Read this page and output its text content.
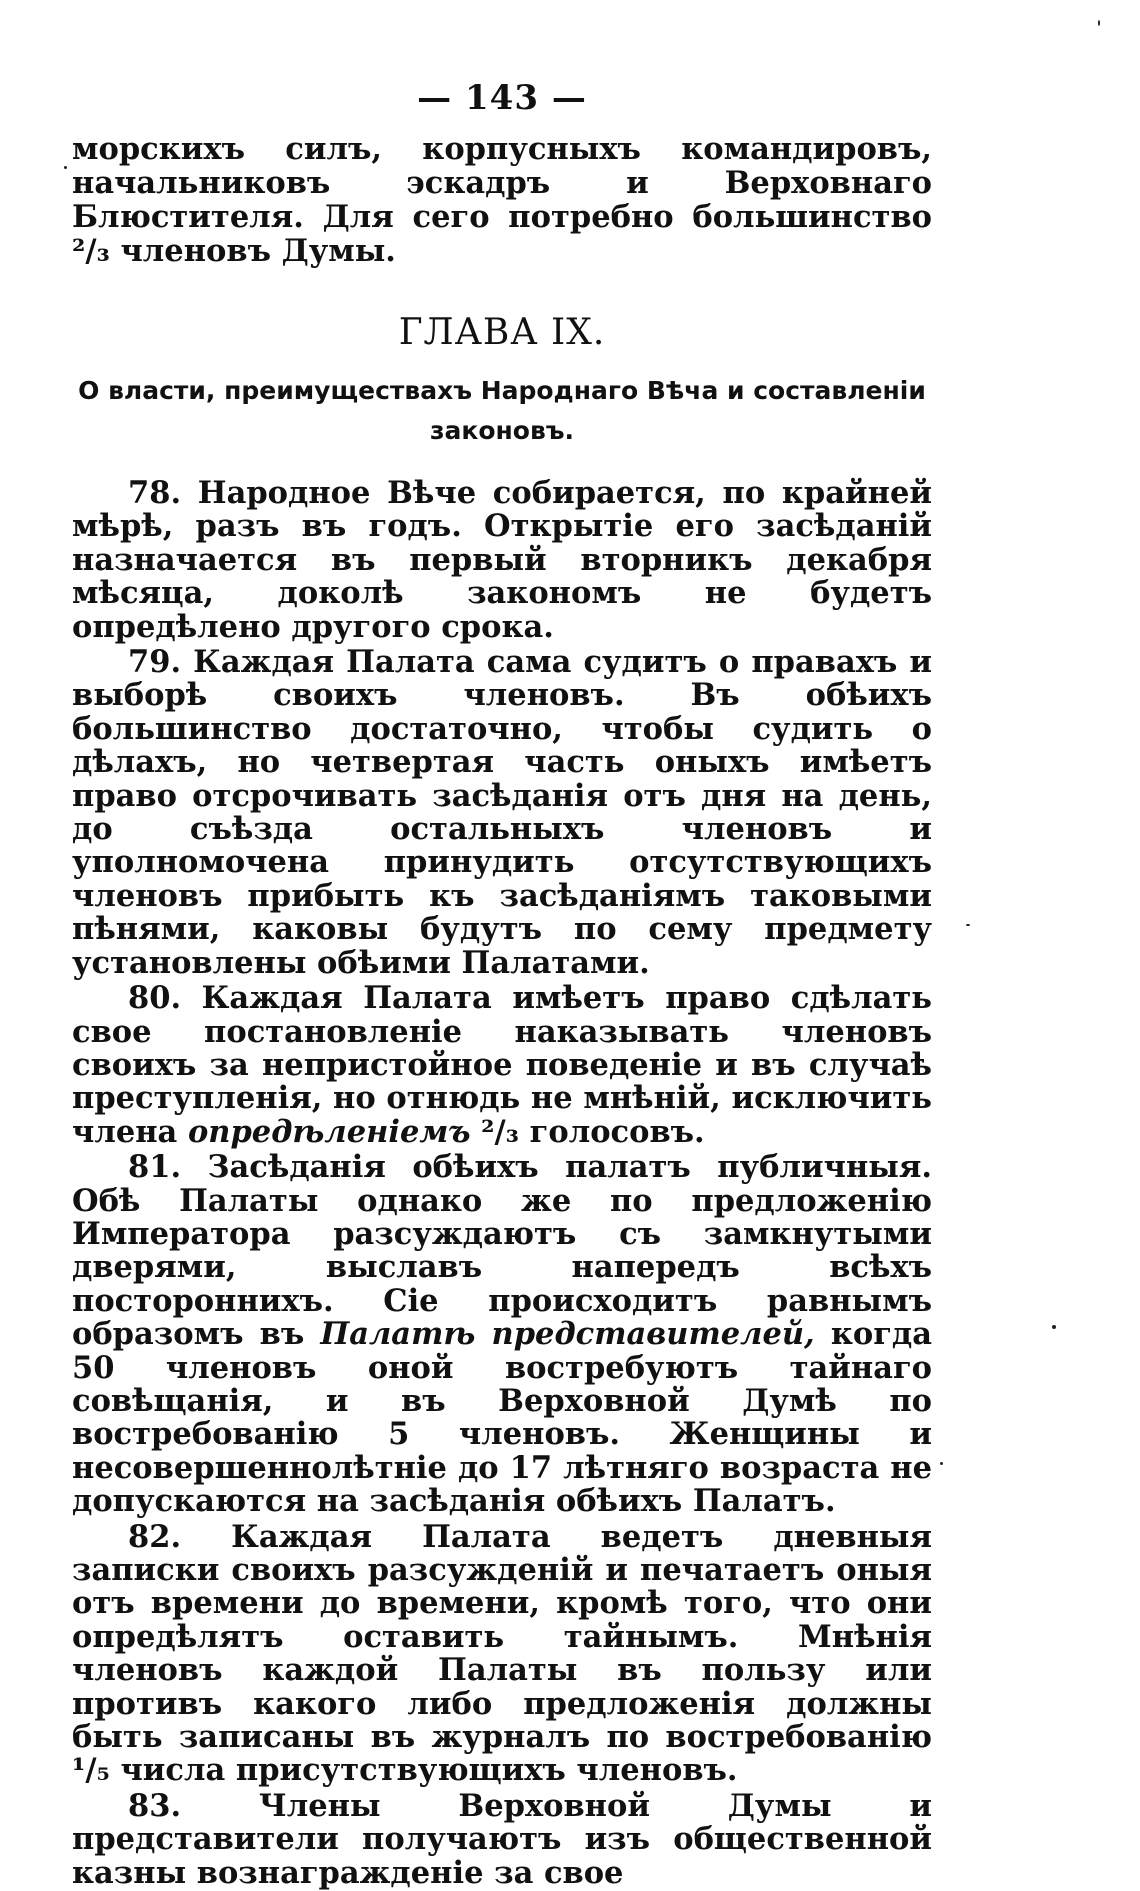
— 143 —

морскихъ силъ, корпусныхъ командировъ, начальниковъ эскадръ и Верховнаго Блюстителя. Для сего потребно большинство ²/₃ членовъ Думы.

ГЛАВА IX.
О власти, преимуществахъ Народнаго Вѣча и составленіи законовъ.

78. Народное Вѣче собирается, по крайней мѣрѣ, разъ въ годъ. Открытіе его засѣданій назначается въ первый вторникъ декабря мѣсяца, доколѣ закономъ не будетъ опредѣлено другого срока.

79. Каждая Палата сама судитъ о правахъ и выборѣ своихъ членовъ. Въ обѣихъ большинство достаточно, чтобы судить о дѣлахъ, но четвертая часть оныхъ имѣетъ право отсрочивать засѣданія отъ дня на день, до съѣзда остальныхъ членовъ и уполномочена принудить отсутствующихъ членовъ прибыть къ засѣданіямъ таковыми пѣнями, каковы будутъ по сему предмету установлены обѣими Палатами.

80. Каждая Палата имѣетъ право сдѣлать свое постановленіе наказывать членовъ своихъ за непристойное поведеніе и въ случаѣ преступленія, но отнюдь не мнѣній, исключить члена опредѣленіемъ ²/₃ голосовъ.

81. Засѣданія обѣихъ палатъ публичныя. Обѣ Палаты однако же по предложенію Императора разсуждаютъ съ замкнутыми дверями, выславъ напередъ всѣхъ постороннихъ. Сіе происходитъ равнымъ образомъ въ Палатѣ представителей, когда 50 членовъ оной востребуютъ тайнаго совѣщанія, и въ Верховной Думѣ по востребованію 5 членовъ. Женщины и несовершеннолѣтніе до 17 лѣтняго возраста не допускаются на засѣданія обѣихъ Палатъ.

82. Каждая Палата ведетъ дневныя записки своихъ разсужденій и печатаетъ оныя отъ времени до времени, кромѣ того, что они опредѣлятъ оставить тайнымъ. Мнѣнія членовъ каждой Палаты въ пользу или противъ какого либо предложенія должны быть записаны въ журналъ по востребованію ¹/₅ числа присутствующихъ членовъ.

83. Члены Верховной Думы и представители получаютъ изъ общественной казны вознагражденіе за свое
